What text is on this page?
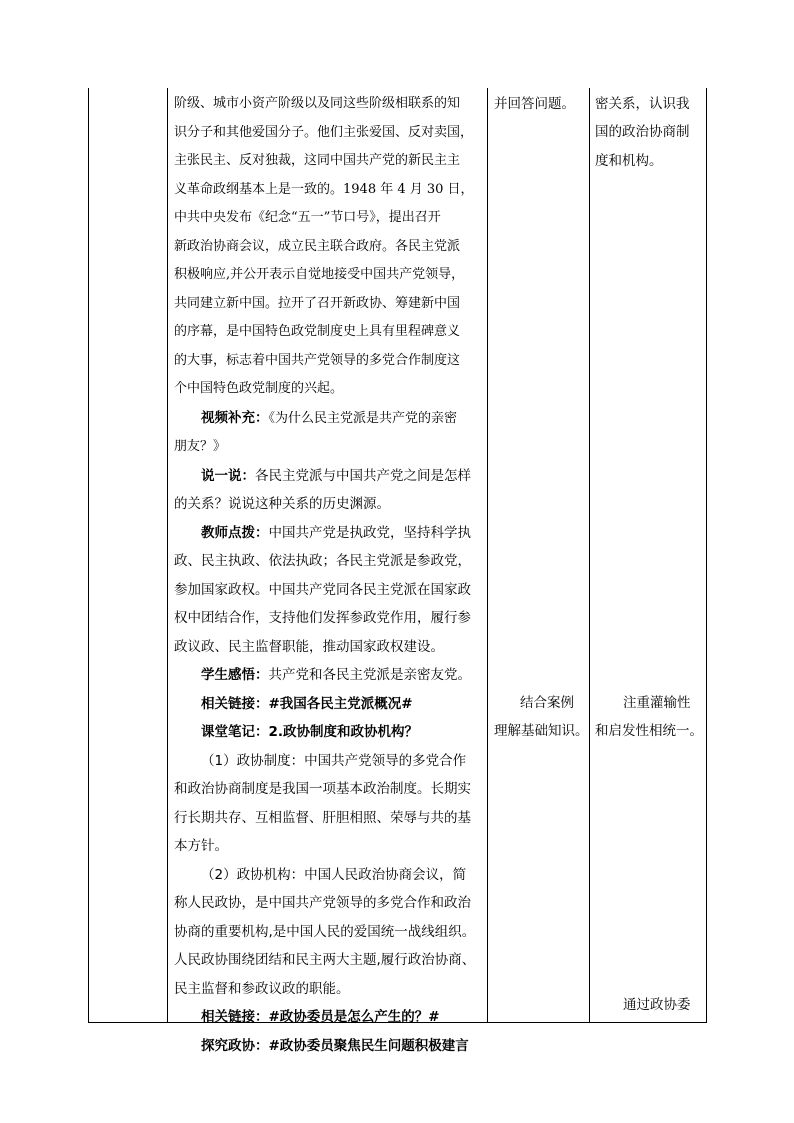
阶级、城市小资产阶级以及同这些阶级相联系的知

识分子和其他爱国分子。他们主张爱国、反对卖国，

主张民主、反对独裁，这同中国共产党的新民主主

义革命政纲基本上是一致的。1948 年 4 月 30 日，

中共中央发布《纪念“五一”节口号》，提出召开

新政治协商会议，成立民主联合政府。各民主党派

积极响应,并公开表示自觉地接受中国共产党领导，

共同建立新中国。拉开了召开新政协、筹建新中国

的序幕，是中国特色政党制度史上具有里程碑意义

的大事，标志着中国共产党领导的多党合作制度这

个中国特色政党制度的兴起。

视频补充：《为什么民主党派是共产党的亲密

朋友？》

说一说：各民主党派与中国共产党之间是怎样

的关系？说说这种关系的历史渊源。

教师点拨：中国共产党是执政党，坚持科学执

政、民主执政、依法执政；各民主党派是参政党，

参加国家政权。中国共产党同各民主党派在国家政

权中团结合作，支持他们发挥参政党作用，履行参

政议政、民主监督职能，推动国家政权建设。

学生感悟：共产党和各民主党派是亲密友党。

相关链接：#我国各民主党派概况#

课堂笔记：2.政协制度和政协机构？

（1）政协制度：中国共产党领导的多党合作

和政治协商制度是我国一项基本政治制度。长期实

行长期共存、互相监督、肝胆相照、荣辱与共的基

本方针。

（2）政协机构：中国人民政治协商会议，简

称人民政协，是中国共产党领导的多党合作和政治

协商的重要机构,是中国人民的爱国统一战线组织。

人民政协围绕团结和民主两大主题,履行政治协商、

民主监督和参政议政的职能。

相关链接：#政协委员是怎么产生的？#

探究政协：#政协委员聚焦民生问题积极建言

并回答问题。

结合案例

理解基础知识。

密关系，认识我

国的政治协商制

度和机构。

注重灌输性

和启发性相统一。

通过政协委
